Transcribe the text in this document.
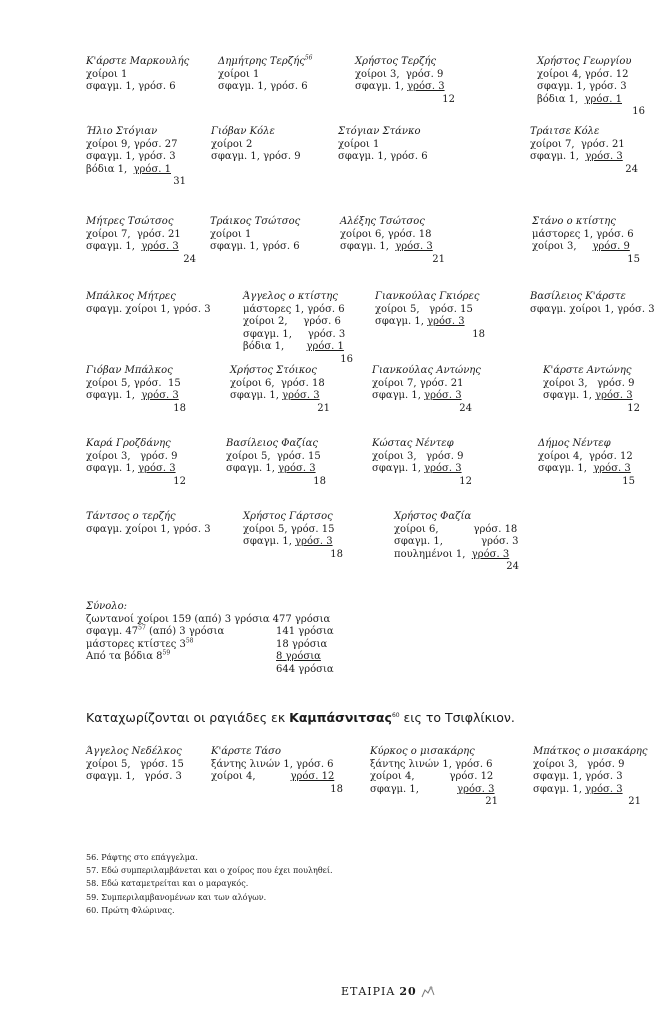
Κ'άρστε Μαρκουλής
χοίροι 1
σφαγμ. 1, γρόσ. 6
Δημήτρης Τερζής$^{56}$
χοίροι 1
σφαγμ. 1, γρόσ. 6
Χρήστος Τερζής
χοίροι 3,  γρόσ. 9
σφαγμ. 1, γρόσ. 3
12
Χρήστος Γεωργίου
χοίροι 4, γρόσ. 12
σφαγμ. 1, γρόσ. 3
βόδια 1,  γρόσ. 1
16
Ήλιο Στόγιαν
χοίροι 9, γρόσ. 27
σφαγμ. 1, γρόσ. 3
βόδια 1,  γρόσ. 1
31
Γιόβαν Κόλε
χοίροι 2
σφαγμ. 1, γρόσ. 9
Στόγιαν Στάνκο
χοίροι 1
σφαγμ. 1, γρόσ. 6
Τράιτσε Κόλε
χοίροι 7,  γρόσ. 21
σφαγμ. 1,  γρόσ. 3
24
Μήτρες Τσώτσος
χοίροι 7,  γρόσ. 21
σφαγμ. 1,  γρόσ. 3
24
Τράικος Τσώτσος
χοίροι 1
σφαγμ. 1, γρόσ. 6
Αλέξης Τσώτσος
χοίροι 6, γρόσ. 18
σφαγμ. 1,  γρόσ. 3
21
Στάνο ο κτίστης
μάστορες 1, γρόσ. 6
χοίροι 3,     γρόσ. 9
15
Μπάλκος Μήτρες
σφαγμ. χοίροι 1, γρόσ. 3
Άγγελος ο κτίστης
μάστορες 1, γρόσ. 6
χοίροι 2,     γρόσ. 6
σφαγμ. 1,     γρόσ. 3
βόδια 1,       γρόσ. 1
16
Γιανκούλας Γκιόρες
χοίροι 5,   γρόσ. 15
σφαγμ. 1, γρόσ. 3
18
Βασίλειος Κ'άρστε
σφαγμ. χοίροι 1, γρόσ. 3
Γιόβαν Μπάλκος
χοίροι 5, γρόσ.  15
σφαγμ. 1,  γρόσ. 3
18
Χρήστος Στόικος
χοίροι 6,  γρόσ. 18
σφαγμ. 1, γρόσ. 3
21
Γιανκούλας Αντώνης
χοίροι 7, γρόσ. 21
σφαγμ. 1, γρόσ. 3
24
Κ'άρστε Αντώνης
χοίροι 3,   γρόσ. 9
σφαγμ. 1, γρόσ. 3
12
Καρά Γροζδάνης
χοίροι 3,   γρόσ. 9
σφαγμ. 1, γρόσ. 3
12
Βασίλειος Φαζίας
χοίροι 5,  γρόσ. 15
σφαγμ. 1, γρόσ. 3
18
Κώστας Νέντεφ
χοίροι 3,   γρόσ. 9
σφαγμ. 1, γρόσ. 3
12
Δήμος Νέντεφ
χοίροι 4,  γρόσ. 12
σφαγμ. 1,  γρόσ. 3
15
Τάντσος ο τερζής
σφαγμ. χοίροι 1, γρόσ. 3
Χρήστος Γάρτσος
χοίροι 5, γρόσ. 15
σφαγμ. 1, γρόσ. 3
18
Χρήστος Φαζία
χοίροι 6,           γρόσ. 18
σφαγμ. 1,            γρόσ. 3
πουλημένοι 1,  γρόσ. 3
24
Άγγελος Νεδέλκος
χοίροι 5,   γρόσ. 15
σφαγμ. 1,   γρόσ. 3
Κ'άρστε Τάσο
ξάντης λινών 1, γρόσ. 6
χοίροι 4,           γρόσ. 12
18
Κύρκος ο μισακάρης
ξάντης λινών 1, γρόσ. 6
χοίροι 4,           γρόσ. 12
σφαγμ. 1,            γρόσ. 3
21
Μπάτκος ο μισακάρης
χοίροι 3,   γρόσ. 9
σφαγμ. 1, γρόσ. 3
σφαγμ. 1, γρόσ. 3
21
Σύνολο:
ζωντανοί χοίροι 159 (από) 3 γρόσια 477 γρόσια
σφαγμ. $47^{57}$ (από) 3 γρόσια	141 γρόσια
μάστορες κτίστες $3^{58}$	18 γρόσια
Από τα βόδια $8^{59}$	8 γρόσια
644 γρόσια
Καταχωρίζονται οι ραγιάδες εκ Καμπάσνιτσας$^{60}$ εις το Τσιφλίκιον.
56. Ράφτης στο επάγγελμα.
57. Εδώ συμπεριλαμβάνεται και ο χοίρος που έχει πουληθεί.
58. Εδώ καταμετρείται και ο μαραγκός.
59. Συμπεριλαμβανομένων και των αλόγων.
60. Πρώτη Φλώρινας.
ΕΤΑΙΡΙΑ 20
